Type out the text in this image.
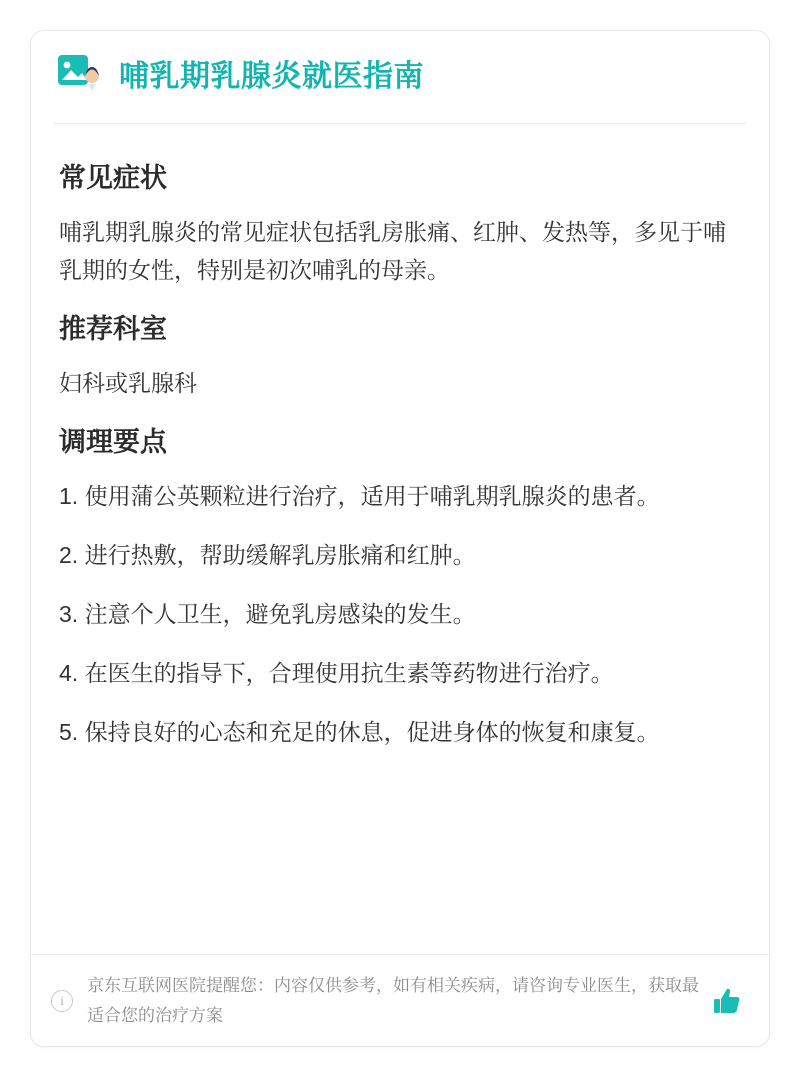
哺乳期乳腺炎就医指南
常见症状

哺乳期乳腺炎的常见症状包括乳房胀痛、红肿、发热等，多见于哺乳期的女性，特别是初次哺乳的母亲。

推荐科室

妇科或乳腺科

调理要点
1. 使用蒲公英颗粒进行治疗，适用于哺乳期乳腺炎的患者。
2. 进行热敷，帮助缓解乳房胀痛和红肿。
3. 注意个人卫生，避免乳房感染的发生。
4. 在医生的指导下，合理使用抗生素等药物进行治疗。
5. 保持良好的心态和充足的休息，促进身体的恢复和康复。
i
京东互联网医院提醒您：内容仅供参考，如有相关疾病，请咨询专业医生，获取最适合您的治疗方案
